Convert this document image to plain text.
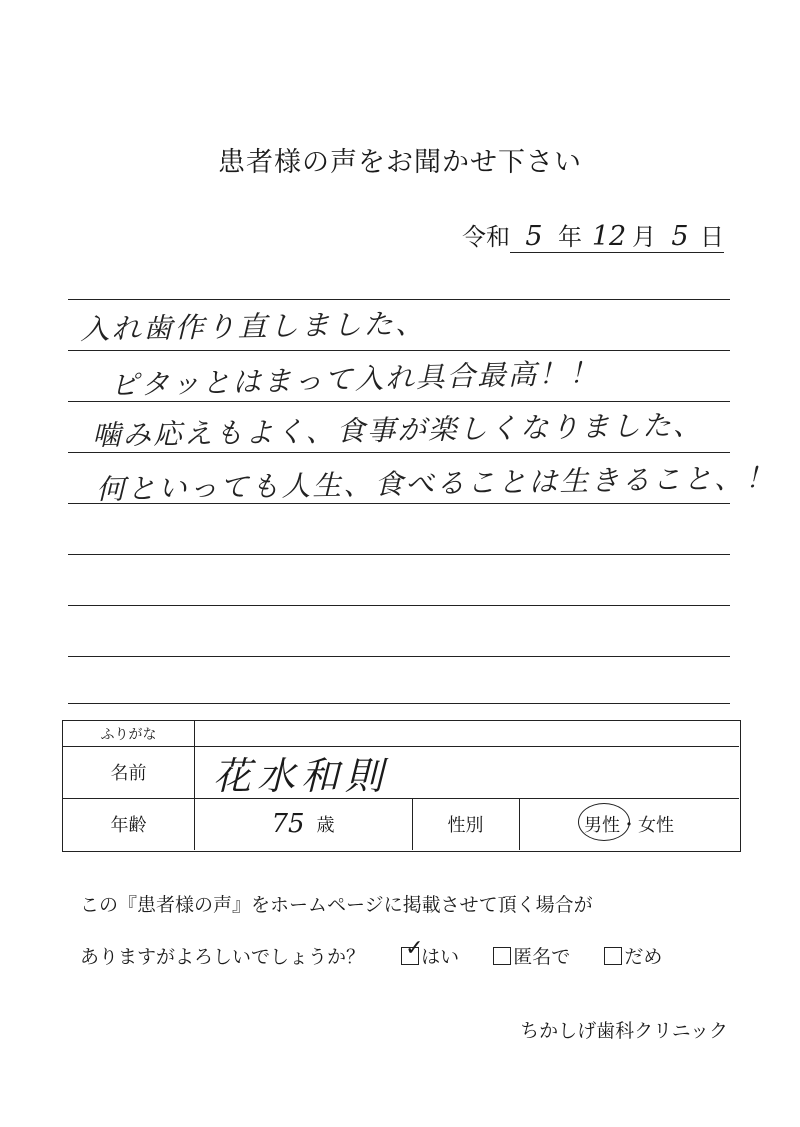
患者様の声をお聞かせ下さい
令和 5 年 12 月 5 日
入れ歯作り直しました、
ピタッとはまって入れ具合最高！！
噛み応えもよく、食事が楽しくなりました、
何といっても人生、食べることは生きること、！
ふりがな
名前	花水和則
年齢	75 歳	性別	男性 ・ 女性
この『患者様の声』をホームページに掲載させて頂く場合が
ありますがよろしいでしょうか？ ✓
はい	匿名で	だめ
ちかしげ歯科クリニック
